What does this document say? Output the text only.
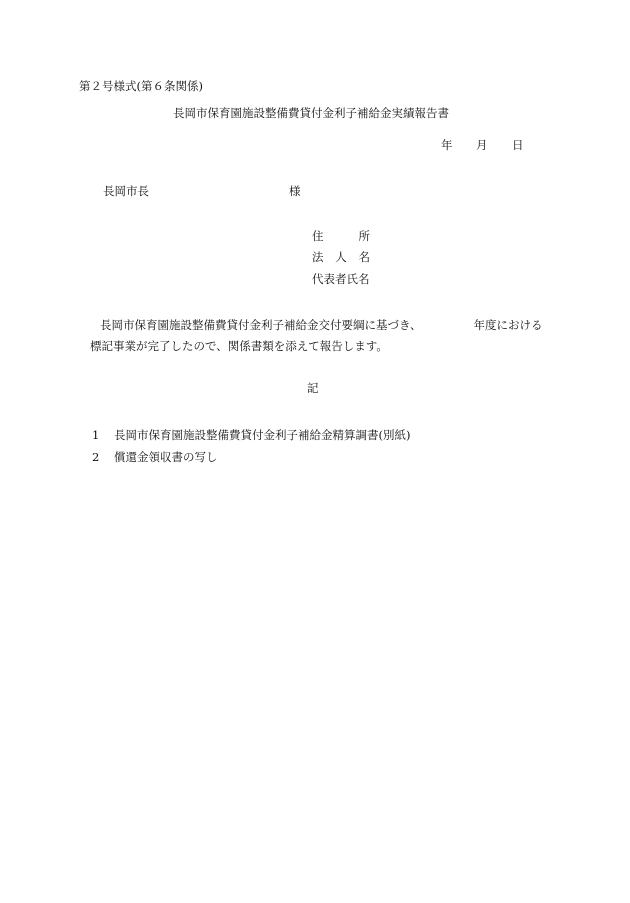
第２号様式(第６条関係)
長岡市保育園施設整備費貸付金利子補給金実績報告書
年 月 日
長岡市長	様
住	所
法 人 名
代表者氏名
長岡市保育園施設整備費貸付金利子補給金交付要綱に基づき、	年度における
標記事業が完了したので、関係書類を添えて報告します。
記
1 長岡市保育園施設整備費貸付金利子補給金精算調書(別紙)
2 償還金領収書の写し
